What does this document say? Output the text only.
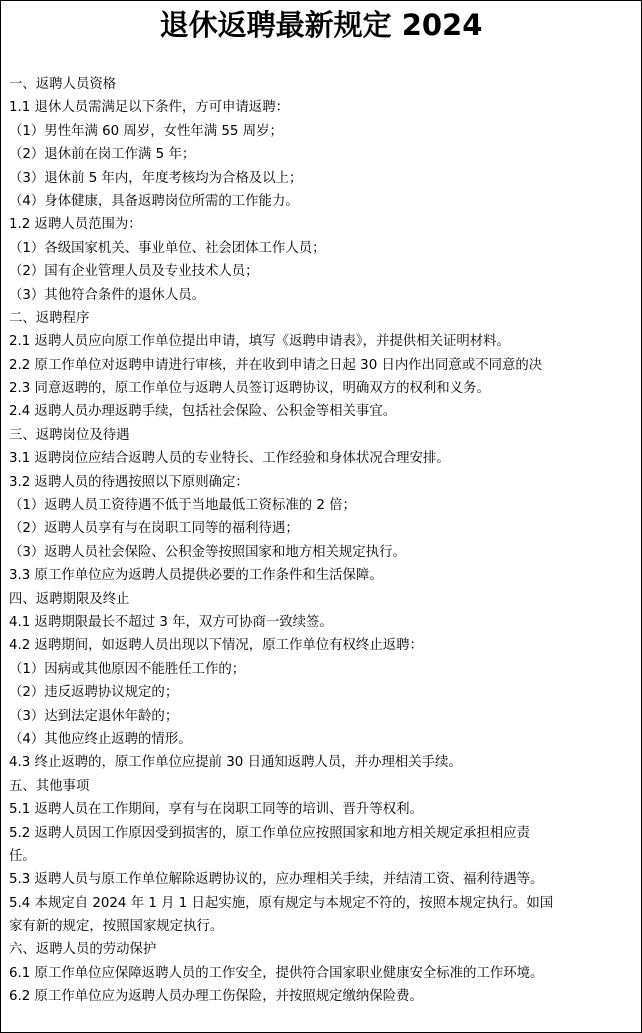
退休返聘最新规定 2024
一、返聘人员资格
1.1 退休人员需满足以下条件，方可申请返聘：
（1）男性年满 60 周岁，女性年满 55 周岁；
（2）退休前在岗工作满 5 年；
（3）退休前 5 年内，年度考核均为合格及以上；
（4）身体健康，具备返聘岗位所需的工作能力。
1.2 返聘人员范围为：
（1）各级国家机关、事业单位、社会团体工作人员；
（2）国有企业管理人员及专业技术人员；
（3）其他符合条件的退休人员。
二、返聘程序
2.1 返聘人员应向原工作单位提出申请，填写《返聘申请表》，并提供相关证明材料。
2.2 原工作单位对返聘申请进行审核，并在收到申请之日起 30 日内作出同意或不同意的决
2.3 同意返聘的，原工作单位与返聘人员签订返聘协议，明确双方的权利和义务。
2.4 返聘人员办理返聘手续，包括社会保险、公积金等相关事宜。
三、返聘岗位及待遇
3.1 返聘岗位应结合返聘人员的专业特长、工作经验和身体状况合理安排。
3.2 返聘人员的待遇按照以下原则确定：
（1）返聘人员工资待遇不低于当地最低工资标准的 2 倍；
（2）返聘人员享有与在岗职工同等的福利待遇；
（3）返聘人员社会保险、公积金等按照国家和地方相关规定执行。
3.3 原工作单位应为返聘人员提供必要的工作条件和生活保障。
四、返聘期限及终止
4.1 返聘期限最长不超过 3 年，双方可协商一致续签。
4.2 返聘期间，如返聘人员出现以下情况，原工作单位有权终止返聘：
（1）因病或其他原因不能胜任工作的；
（2）违反返聘协议规定的；
（3）达到法定退休年龄的；
（4）其他应终止返聘的情形。
4.3 终止返聘的，原工作单位应提前 30 日通知返聘人员，并办理相关手续。
五、其他事项
5.1 返聘人员在工作期间，享有与在岗职工同等的培训、晋升等权利。
5.2 返聘人员因工作原因受到损害的，原工作单位应按照国家和地方相关规定承担相应责
任。
5.3 返聘人员与原工作单位解除返聘协议的，应办理相关手续，并结清工资、福利待遇等。
5.4 本规定自 2024 年 1 月 1 日起实施，原有规定与本规定不符的，按照本规定执行。如国
家有新的规定，按照国家规定执行。
六、返聘人员的劳动保护
6.1 原工作单位应保障返聘人员的工作安全，提供符合国家职业健康安全标准的工作环境。
6.2 原工作单位应为返聘人员办理工伤保险，并按照规定缴纳保险费。
